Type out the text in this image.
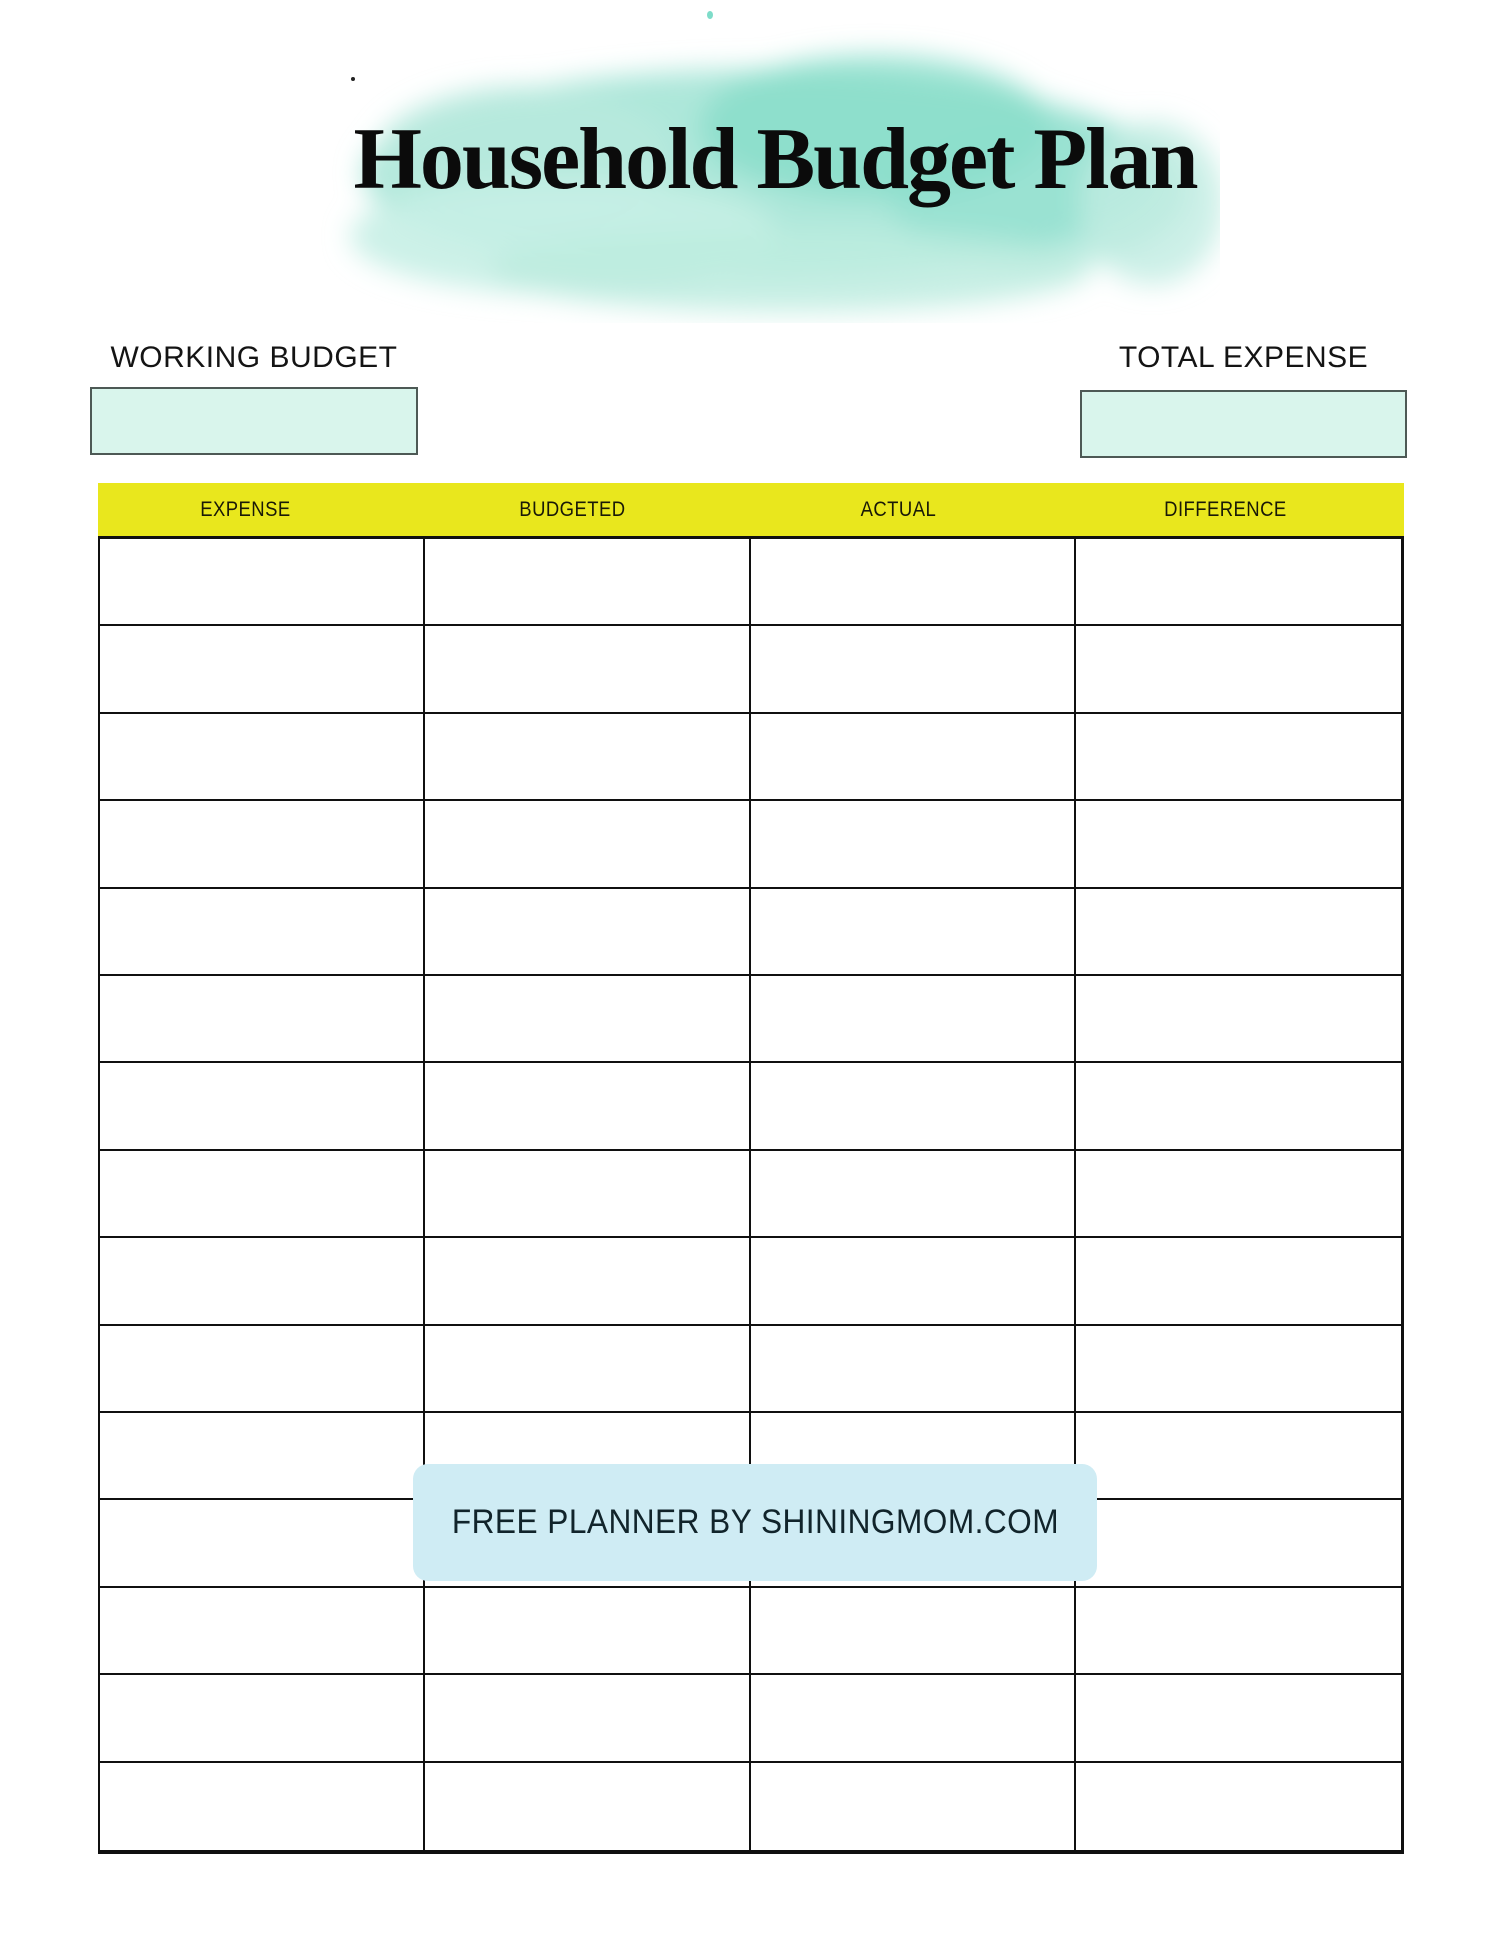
Household Budget Plan
WORKING BUDGET	TOTAL EXPENSE
EXPENSE	BUDGETED	ACTUAL	DIFFERENCE
FREE PLANNER BY SHININGMOM.COM
